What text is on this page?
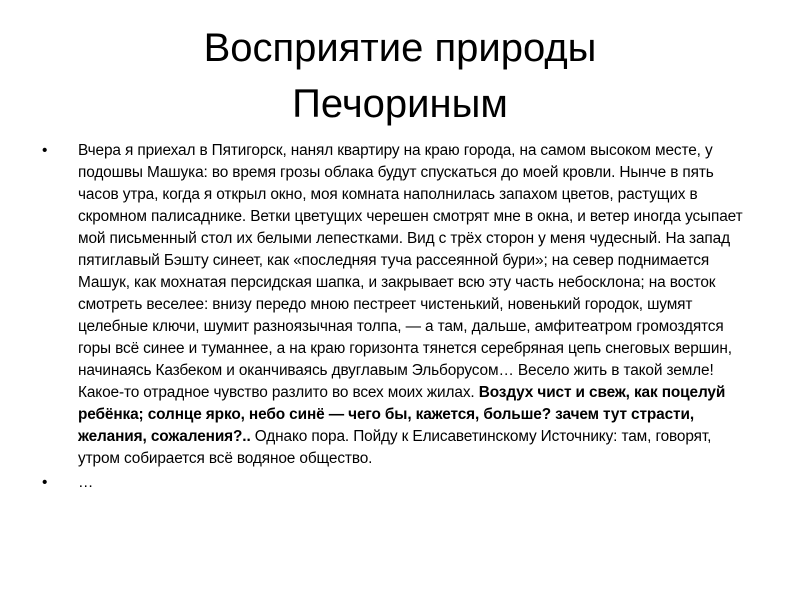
Восприятие природы
Печориным
•	Вчера я приехал в Пятигорск, нанял квартиру на краю города, на самом высоком месте, у подошвы Машука: во время грозы облака будут спускаться до моей кровли. Нынче в пять часов утра, когда я открыл окно, моя комната наполнилась запахом цветов, растущих в скромном палисаднике. Ветки цветущих черешен смотрят мне в окна, и ветер иногда усыпает мой письменный стол их белыми лепестками. Вид с трёх сторон у меня чудесный. На запад пятиглавый Бэшту синеет, как «последняя туча рассеянной бури»; на север поднимается Машук, как мохнатая персидская шапка, и закрывает всю эту часть небосклона; на восток смотреть веселее: внизу передо мною пестреет чистенький, новенький городок, шумят целебные ключи, шумит разноязычная толпа, — а там, дальше, амфитеатром громоздятся горы всё синее и туманнее, а на краю горизонта тянется серебряная цепь снеговых вершин, начинаясь Казбеком и оканчиваясь двуглавым Эльборусом… Весело жить в такой земле! Какое-то отрадное чувство разлито во всех моих жилах. Воздух чист и свеж, как поцелуй ребёнка; солнце ярко, небо синё — чего бы, кажется, больше? зачем тут страсти, желания, сожаления?.. Однако пора. Пойду к Елисаветинскому Источнику: там, говорят, утром собирается всё водяное общество.
•	…
